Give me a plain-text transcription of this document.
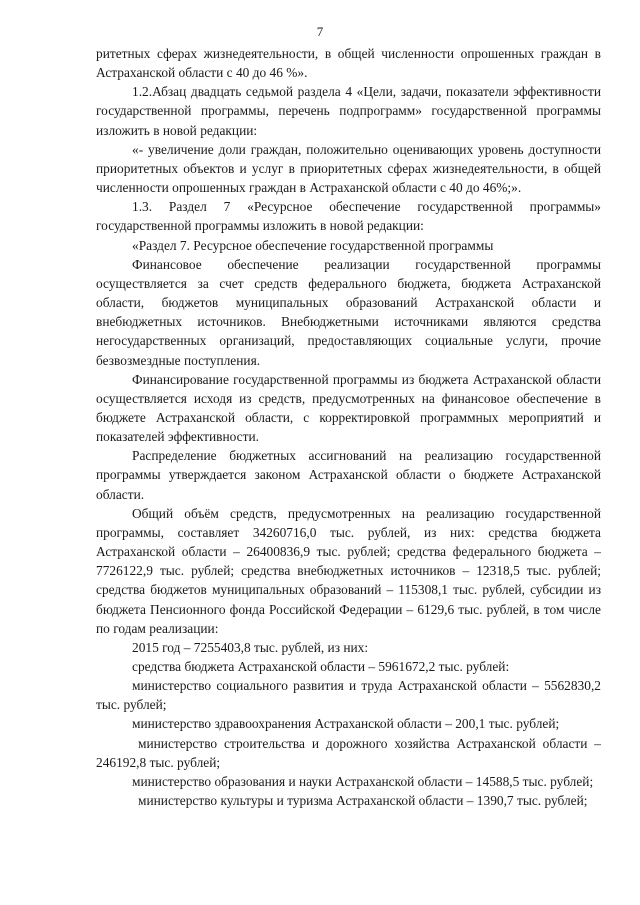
7

ритетных сферах жизнедеятельности, в общей численности опрошенных граждан в Астраханской области с 40 до 46 %».

1.2.Абзац двадцать седьмой раздела 4 «Цели, задачи, показатели эффективности государственной программы, перечень подпрограмм» государственной программы изложить в новой редакции:

«- увеличение доли граждан, положительно оценивающих уровень доступности приоритетных объектов и услуг в приоритетных сферах жизнедеятельности, в общей численности опрошенных граждан в Астраханской области с 40 до 46%;».

1.3. Раздел 7 «Ресурсное обеспечение государственной программы» государственной программы изложить в новой редакции:

«Раздел 7. Ресурсное обеспечение государственной программы

Финансовое обеспечение реализации государственной программы осуществляется за счет средств федерального бюджета, бюджета Астраханской области, бюджетов муниципальных образований Астраханской области и внебюджетных источников. Внебюджетными источниками являются средства негосударственных организаций, предоставляющих социальные услуги, прочие безвозмездные поступления.

Финансирование государственной программы из бюджета Астраханской области осуществляется исходя из средств, предусмотренных на финансовое обеспечение в бюджете Астраханской области, с корректировкой программных мероприятий и показателей эффективности.

Распределение бюджетных ассигнований на реализацию государственной программы утверждается законом Астраханской области о бюджете Астраханской области.

Общий объём средств, предусмотренных на реализацию государственной программы, составляет 34260716,0 тыс. рублей, из них: средства бюджета Астраханской области – 26400836,9 тыс. рублей; средства федерального бюджета – 7726122,9 тыс. рублей; средства внебюджетных источников – 12318,5 тыс. рублей; средства бюджетов муниципальных образований – 115308,1 тыс. рублей, субсидии из бюджета Пенсионного фонда Российской Федерации – 6129,6 тыс. рублей, в том числе по годам реализации:

2015 год – 7255403,8 тыс. рублей, из них:

средства бюджета Астраханской области – 5961672,2 тыс. рублей:

министерство социального развития и труда Астраханской области – 5562830,2 тыс. рублей;

министерство здравоохранения Астраханской области – 200,1 тыс. рублей;

министерство строительства и дорожного хозяйства Астраханской области – 246192,8 тыс. рублей;

министерство образования и науки Астраханской области – 14588,5 тыс. рублей;

министерство культуры и туризма Астраханской области – 1390,7 тыс. рублей;
